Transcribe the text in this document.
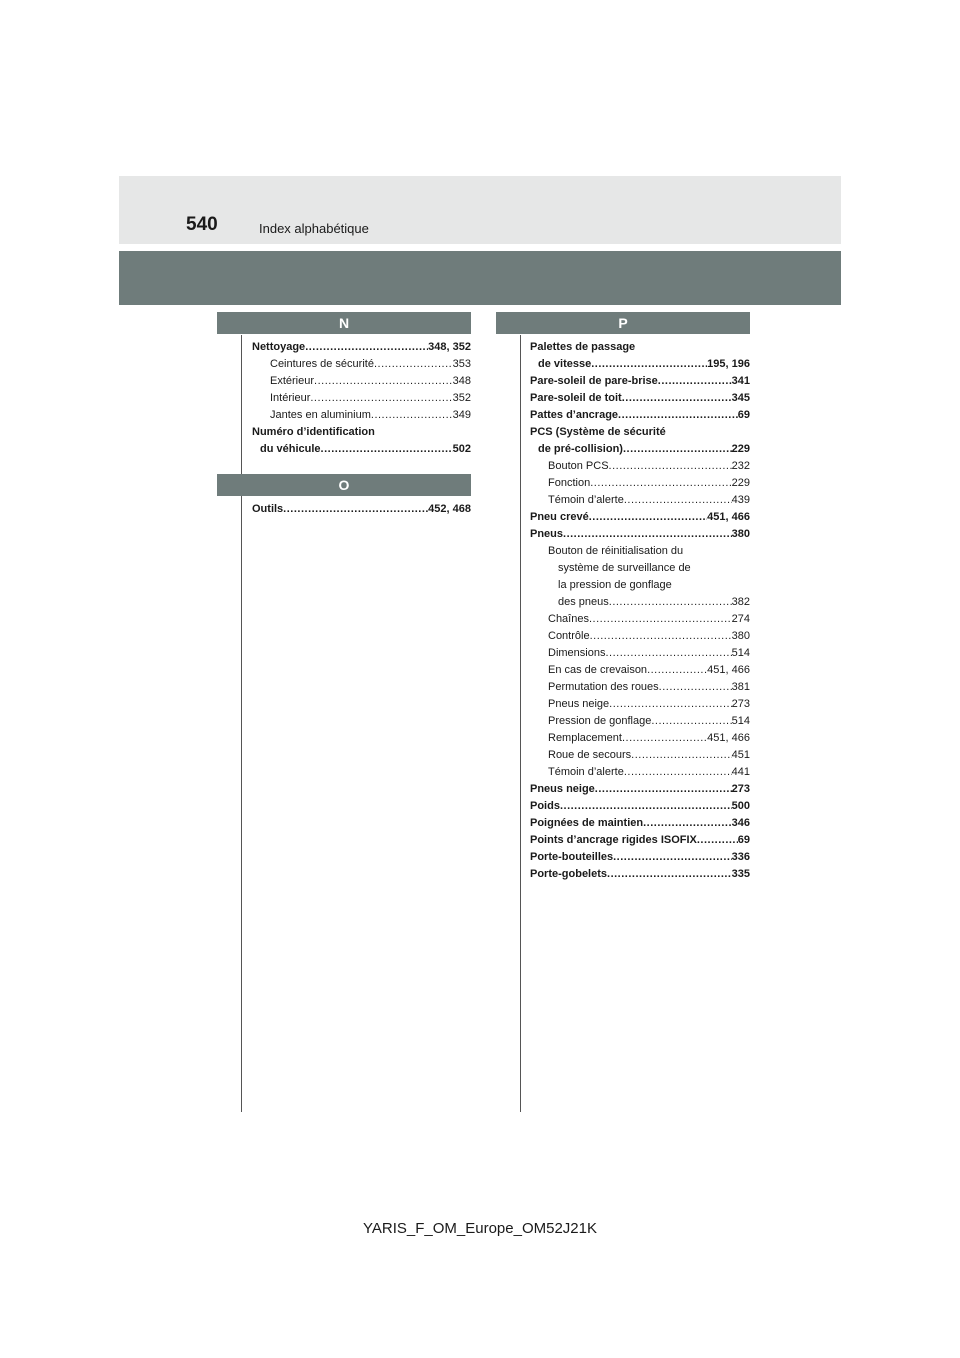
540	Index alphabétique
N
Nettoyage .....	348, 352
Ceintures de sécurité .....	353
Extérieur .....	348
Intérieur .....	352
Jantes en aluminium .....	349
Numéro d’identification
du véhicule .....	502
O
Outils .....	452, 468
P
Palettes de passage
de vitesse .....	195, 196
Pare-soleil de pare-brise .....	341
Pare-soleil de toit .....	345
Pattes d’ancrage .....	69
PCS (Système de sécurité
de pré-collision) .....	229
Bouton PCS .....	232
Fonction .....	229
Témoin d’alerte .....	439
Pneu crevé .....	451, 466
Pneus .....	380
Bouton de réinitialisation du
système de surveillance de
la pression de gonflage
des pneus .....	382
Chaînes .....	274
Contrôle .....	380
Dimensions .....	514
En cas de crevaison .....	451, 466
Permutation des roues .....	381
Pneus neige .....	273
Pression de gonflage .....	514
Remplacement .....	451, 466
Roue de secours .....	451
Témoin d’alerte .....	441
Pneus neige .....	273
Poids .....	500
Poignées de maintien .....	346
Points d’ancrage rigides ISOFIX .....	69
Porte-bouteilles .....	336
Porte-gobelets .....	335
YARIS_F_OM_Europe_OM52J21K
